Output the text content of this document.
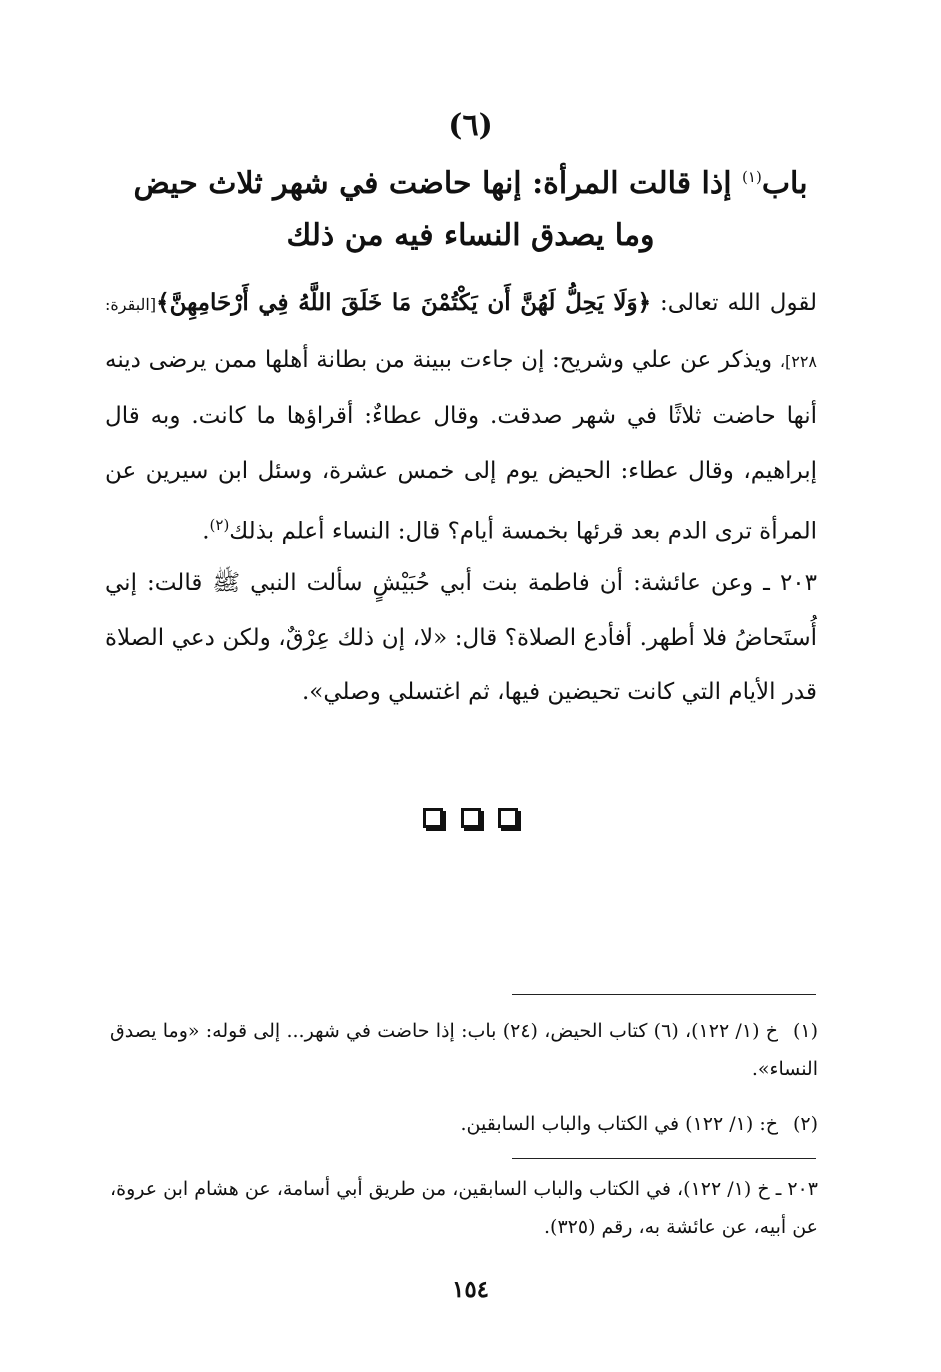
(٦)
باب$^{(١)}$ إذا قالت المرأة: إنها حاضت في شهر ثلاث حيض
وما يصدق النساء فيه من ذلك
لقول الله تعالى: ﴿وَلَا يَحِلُّ لَهُنَّ أَن يَكْتُمْنَ مَا خَلَقَ اللَّهُ فِي أَرْحَامِهِنَّ﴾[البقرة: ٢٢٨]، ويذكر عن علي وشريح: إن جاءت ببينة من بطانة أهلها ممن يرضى دينه أنها حاضت ثلاثًا في شهر صدقت. وقال عطاءٌ: أقراؤها ما كانت. وبه قال إبراهيم، وقال عطاء: الحيض يوم إلى خمس عشرة، وسئل ابن سيرين عن المرأة ترى الدم بعد قرئها بخمسة أيام؟ قال: النساء أعلم بذلك$^{(٢)}$.
٢٠٣ ـ وعن عائشة: أن فاطمة بنت أبي حُبَيْشٍ سألت النبي ﷺ قالت: إني أُستَحاضُ فلا أطهر. أفأدع الصلاة؟ قال: «لا، إن ذلك عِرْقٌ، ولكن دعي الصلاة قدر الأيام التي كانت تحيضين فيها، ثم اغتسلي وصلي».

(١)خ (١/ ١٢٢)، (٦) كتاب الحيض، (٢٤) باب: إذا حاضت في شهر... إلى قوله: «وما يصدق النساء».
(٢)خ: (١/ ١٢٢) في الكتاب والباب السابقين.
٢٠٣ ـ خ (١/ ١٢٢)، في الكتاب والباب السابقين، من طريق أبي أسامة، عن هشام ابن عروة، عن أبيه، عن عائشة به، رقم (٣٢٥).
١٥٤
